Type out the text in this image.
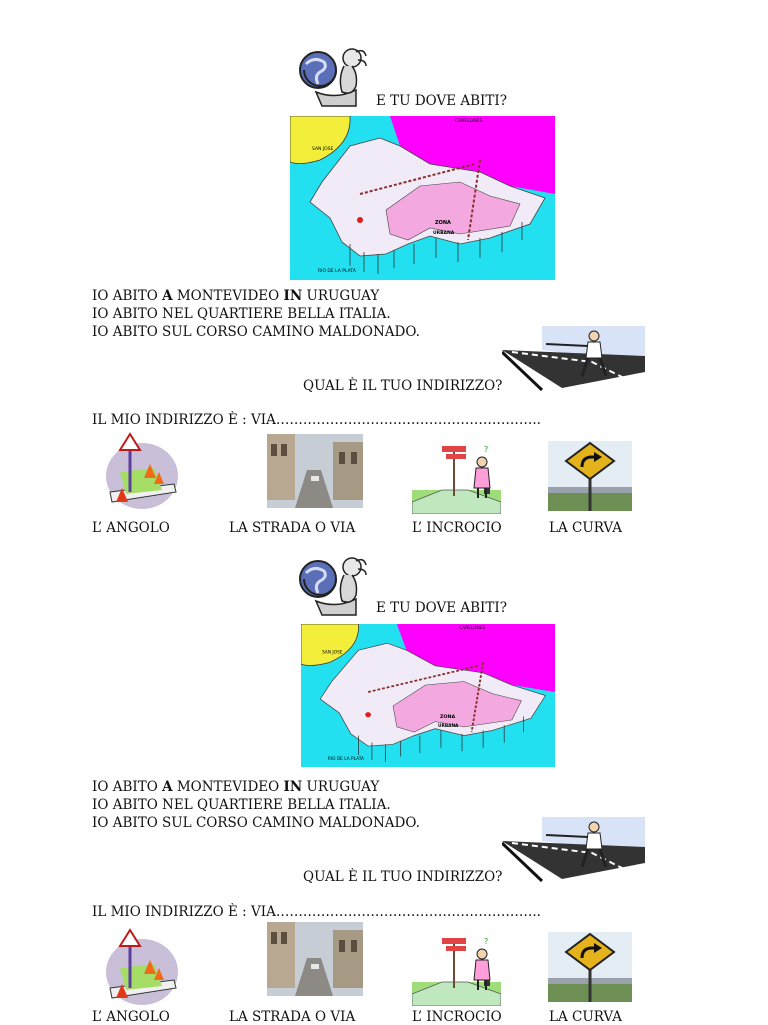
E TU DOVE ABITI?
CANELONES
SAN JOSE
ZONA
URBANA
RIO DE LA PLATA
IO ABITO A MONTEVIDEO IN URUGUAY
IO ABITO NEL QUARTIERE BELLA ITALIA.
IO ABITO SUL CORSO CAMINO MALDONADO.
QUAL È IL TUO INDIRIZZO?
IL MIO INDIRIZZO È : VIA…………………………………………………..
?
L’ ANGOLO	LA STRADA O VIA	L’ INCROCIO	LA CURVA
E TU DOVE ABITI?
CANELONES
SAN JOSE
ZONA
URBANA
RIO DE LA PLATA
IO ABITO A MONTEVIDEO IN URUGUAY
IO ABITO NEL QUARTIERE BELLA ITALIA.
IO ABITO SUL CORSO CAMINO MALDONADO.
QUAL È IL TUO INDIRIZZO?
IL MIO INDIRIZZO È : VIA…………………………………………………..
?
L’ ANGOLO	LA STRADA O VIA	L’ INCROCIO	LA CURVA
